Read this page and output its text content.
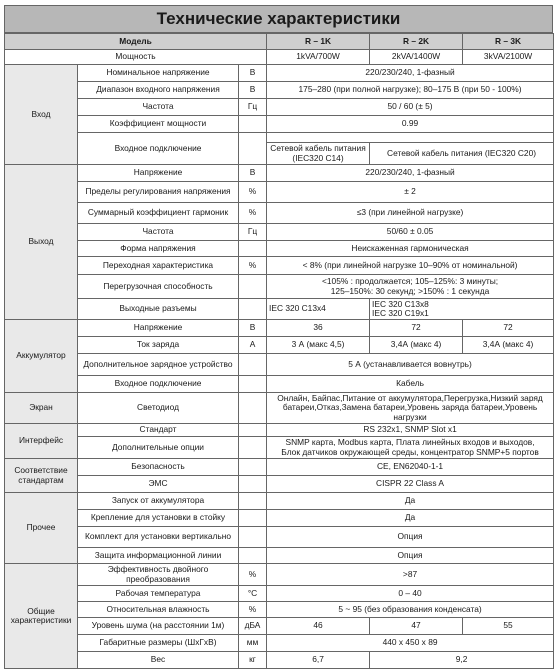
Технические характеристики
Модель			R – 1K	R – 2K	R – 3K
Мощность			1kVA/700W	2kVA/1400W	3kVA/2100W
Вход	Номинальное напряжение	В	220/230/240, 1-фазный		
	Диапазон входного напряжения	В	175–280 (при полной нагрузке); 80–175 В (при 50 - 100%)		
	Частота	Гц	50 / 60 (± 5)		
	Коэффициент мощности		0.99		
	Входное подключение				
			Сетевой кабель питания (IEC320 C14)	Сетевой кабель питания (IEC320 C20)	
Выход	Напряжение	В	220/230/240, 1-фазный		
	Пределы регулирования напряжения	%	± 2		
	Суммарный коэффициент гармоник	%	≤3 (при линейной нагрузке)		
	Частота	Гц	50/60 ± 0.05		
	Форма напряжения		Неискаженная гармоническая		
	Переходная характеристика	%	< 8% (при линейной нагрузке 10–90% от номинальной)		
	Перегрузочная способность		<105% : продолжается; 105–125%: 3 минуты;
125–150%: 30 секунд; >150% : 1 секунда		

	Выходные разъемы		IEC 320 C13x4	IEC 320 C13x8
IEC 320 C19x1	

Аккумулятор	Напряжение	В	36	72	72
	Ток заряда	А	3 А (макс 4,5)	3,4А (макс 4)	3,4А (макс 4)
	Дополнительное зарядное устройство		5 А (устанавливается вовнутрь)		
	Входное подключение		Кабель		
Экран	Светодиод		Онлайн, Байпас,Питание от аккумулятора,Перегрузка,Низкий заряд батареи,Отказ,Замена батареи,Уровень заряда батареи,Уровень нагрузки		
Интерфейс	Стандарт		RS 232x1, SNMP Slot x1		
	Дополнительные опции		SNMP карта, Modbus карта, Плата линейных входов и выходов,
Блок датчиков окружающей среды, концентратор SNMP+5 портов		

Соответствие стандартам	Безопасность		CE, EN62040-1-1		
	ЭМС		CISPR 22 Class A		
Прочее	Запуск от аккумулятора		Да		
	Крепление для установки в стойку		Да		
	Комплект для установки вертикально		Опция		
	Защита информационной линии		Опция		
Общие характеристики	Эффективность двойного преобразования	%	>87		
	Рабочая температура	°C	0 – 40		
	Относительная влажность	%	5 ~ 95 (без образования конденсата)		
	Уровень шума (на расстоянии 1м)	дБА	46	47	55
	Габаритные размеры (ШхГхВ)	мм	440 x 450 x 89		
	Вес	кг	6,7	9,2	
